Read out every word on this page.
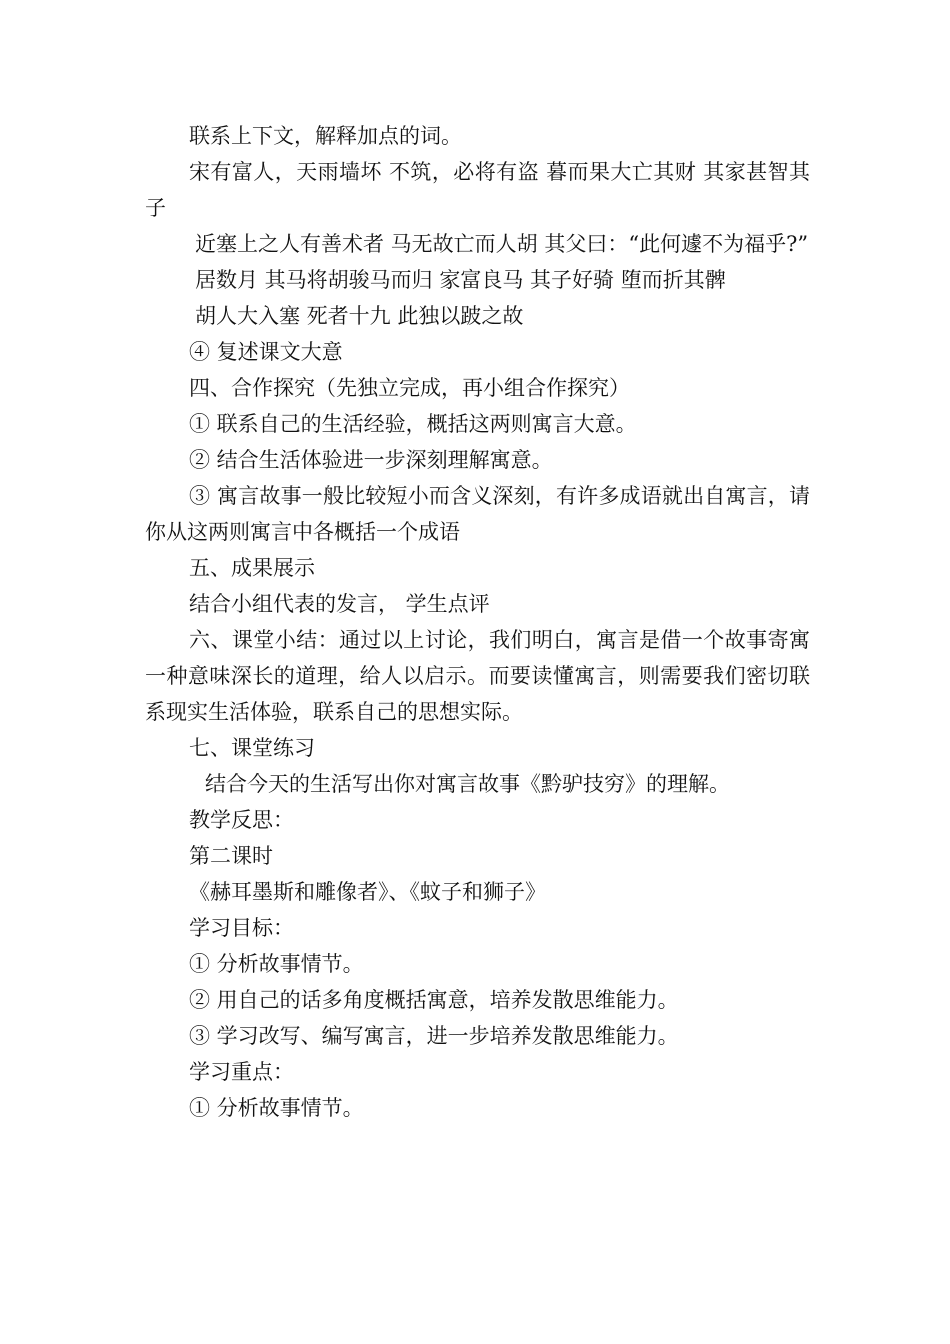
联系上下文，解释加点的词。

宋有富人，天雨墙坏 不筑，必将有盗 暮而果大亡其财 其家甚智其子

近塞上之人有善术者 马无故亡而人胡 其父曰：“此何遽不为福乎?”

居数月 其马将胡骏马而归 家富良马 其子好骑 堕而折其髀

胡人大入塞 死者十九 此独以跛之故

④ 复述课文大意

四、合作探究（先独立完成，再小组合作探究）

① 联系自己的生活经验，概括这两则寓言大意。

② 结合生活体验进一步深刻理解寓意。

③ 寓言故事一般比较短小而含义深刻，有许多成语就出自寓言，请你从这两则寓言中各概括一个成语

五、成果展示

结合小组代表的发言， 学生点评

六、课堂小结：通过以上讨论，我们明白，寓言是借一个故事寄寓一种意味深长的道理，给人以启示。而要读懂寓言，则需要我们密切联系现实生活体验，联系自己的思想实际。

七、课堂练习

结合今天的生活写出你对寓言故事《黔驴技穷》的理解。

教学反思：

第二课时

《赫耳墨斯和雕像者》、《蚊子和狮子》

学习目标：

① 分析故事情节。

② 用自己的话多角度概括寓意，培养发散思维能力。

③ 学习改写、编写寓言，进一步培养发散思维能力。

学习重点：

① 分析故事情节。
